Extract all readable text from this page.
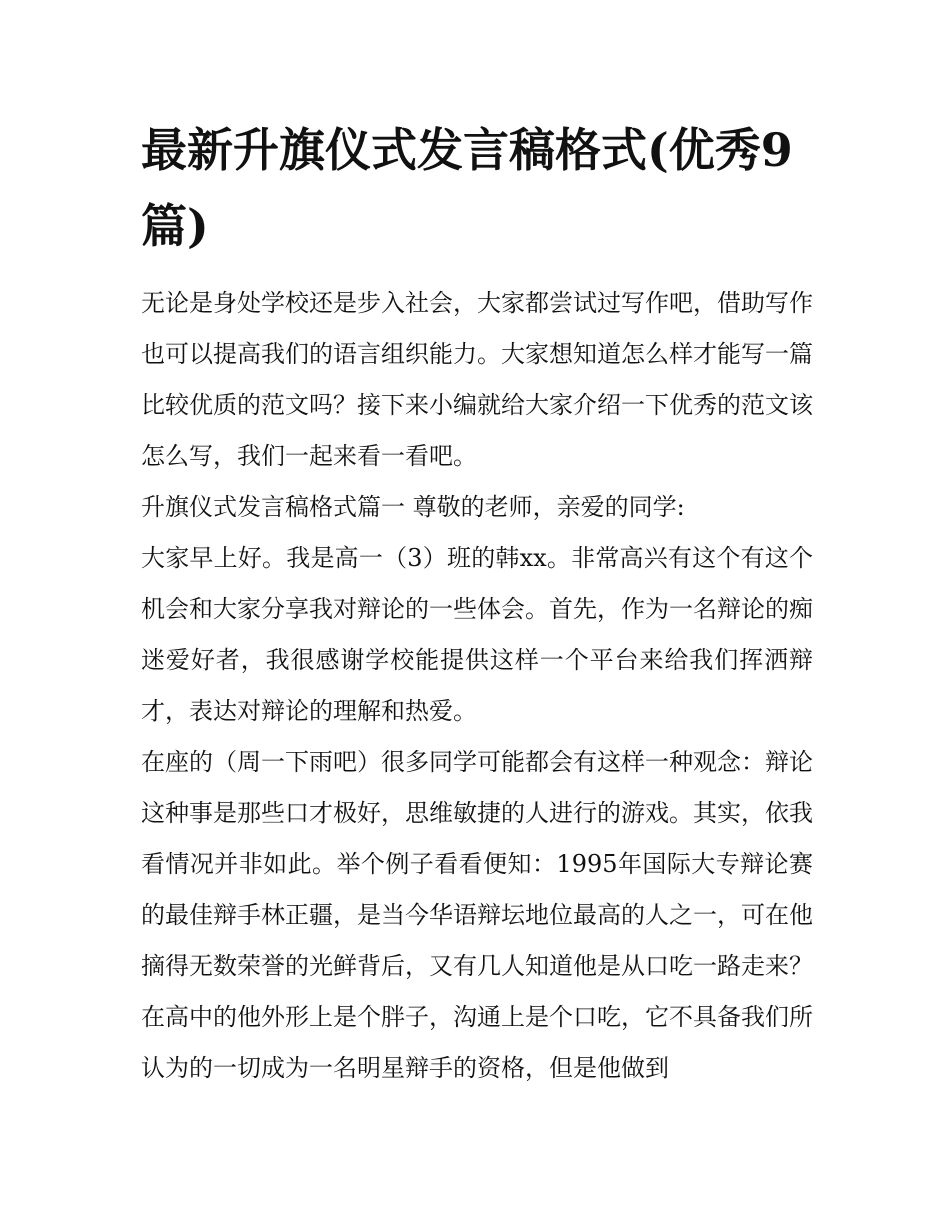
最新升旗仪式发言稿格式(优秀9篇)

无论是身处学校还是步入社会，大家都尝试过写作吧，借助写作也可以提高我们的语言组织能力。大家想知道怎么样才能写一篇比较优质的范文吗？接下来小编就给大家介绍一下优秀的范文该怎么写，我们一起来看一看吧。

升旗仪式发言稿格式篇一 尊敬的老师，亲爱的同学:

大家早上好。我是高一（3）班的韩xx。非常高兴有这个有这个机会和大家分享我对辩论的一些体会。首先，作为一名辩论的痴迷爱好者，我很感谢学校能提供这样一个平台来给我们挥洒辩才，表达对辩论的理解和热爱。

在座的（周一下雨吧）很多同学可能都会有这样一种观念：辩论这种事是那些口才极好，思维敏捷的人进行的游戏。其实，依我看情况并非如此。举个例子看看便知：1995年国际大专辩论赛的最佳辩手林正疆，是当今华语辩坛地位最高的人之一，可在他摘得无数荣誉的光鲜背后，又有几人知道他是从口吃一路走来？在高中的他外形上是个胖子，沟通上是个口吃，它不具备我们所认为的一切成为一名明星辩手的资格，但是他做到
